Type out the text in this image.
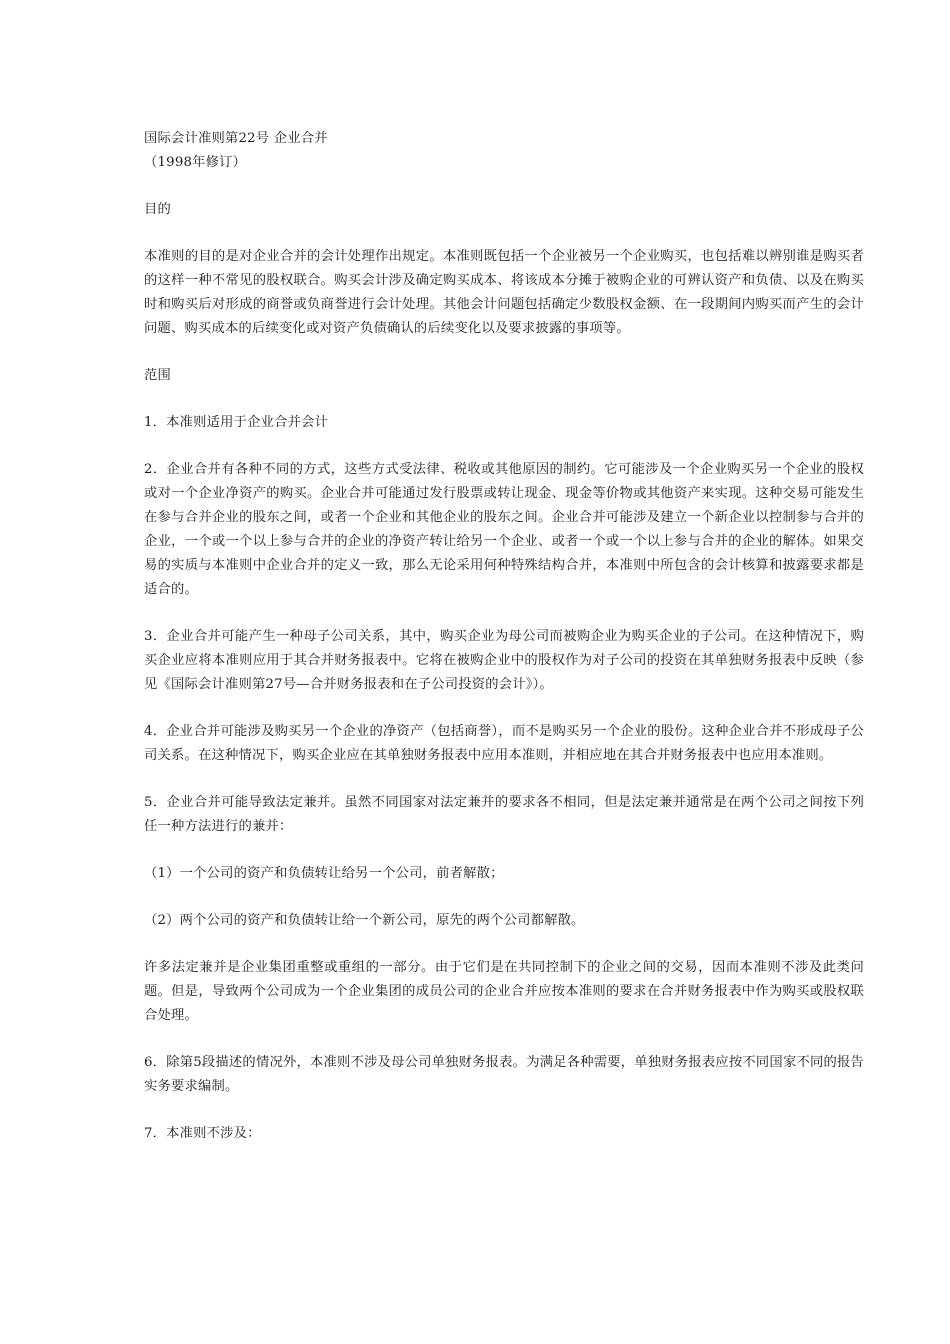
国际会计准则第22号 企业合并
（1998年修订）

目的

本准则的目的是对企业合并的会计处理作出规定。本准则既包括一个企业被另一个企业购买，也包括难以辨别谁是购买者的这样一种不常见的股权联合。购买会计涉及确定购买成本、将该成本分摊于被购企业的可辨认资产和负债、以及在购买时和购买后对形成的商誉或负商誉进行会计处理。其他会计问题包括确定少数股权金额、在一段期间内购买而产生的会计问题、购买成本的后续变化或对资产负债确认的后续变化以及要求披露的事项等。

范围

1．本准则适用于企业合并会计

2．企业合并有各种不同的方式，这些方式受法律、税收或其他原因的制约。它可能涉及一个企业购买另一个企业的股权或对一个企业净资产的购买。企业合并可能通过发行股票或转让现金、现金等价物或其他资产来实现。这种交易可能发生在参与合并企业的股东之间，或者一个企业和其他企业的股东之间。企业合并可能涉及建立一个新企业以控制参与合并的企业，一个或一个以上参与合并的企业的净资产转让给另一个企业、或者一个或一个以上参与合并的企业的解体。如果交易的实质与本准则中企业合并的定义一致，那么无论采用何种特殊结构合并，本准则中所包含的会计核算和披露要求都是适合的。

3．企业合并可能产生一种母子公司关系，其中，购买企业为母公司而被购企业为购买企业的子公司。在这种情况下，购买企业应将本准则应用于其合并财务报表中。它将在被购企业中的股权作为对子公司的投资在其单独财务报表中反映（参见《国际会计准则第27号—合并财务报表和在子公司投资的会计》）。

4．企业合并可能涉及购买另一个企业的净资产（包括商誉），而不是购买另一个企业的股份。这种企业合并不形成母子公司关系。在这种情况下，购买企业应在其单独财务报表中应用本准则，并相应地在其合并财务报表中也应用本准则。

5．企业合并可能导致法定兼并。虽然不同国家对法定兼并的要求各不相同，但是法定兼并通常是在两个公司之间按下列任一种方法进行的兼并：

（1）一个公司的资产和负债转让给另一个公司，前者解散；

（2）两个公司的资产和负债转让给一个新公司，原先的两个公司都解散。

许多法定兼并是企业集团重整或重组的一部分。由于它们是在共同控制下的企业之间的交易，因而本准则不涉及此类问题。但是，导致两个公司成为一个企业集团的成员公司的企业合并应按本准则的要求在合并财务报表中作为购买或股权联合处理。

6．除第5段描述的情况外，本准则不涉及母公司单独财务报表。为满足各种需要，单独财务报表应按不同国家不同的报告实务要求编制。

7．本准则不涉及：
